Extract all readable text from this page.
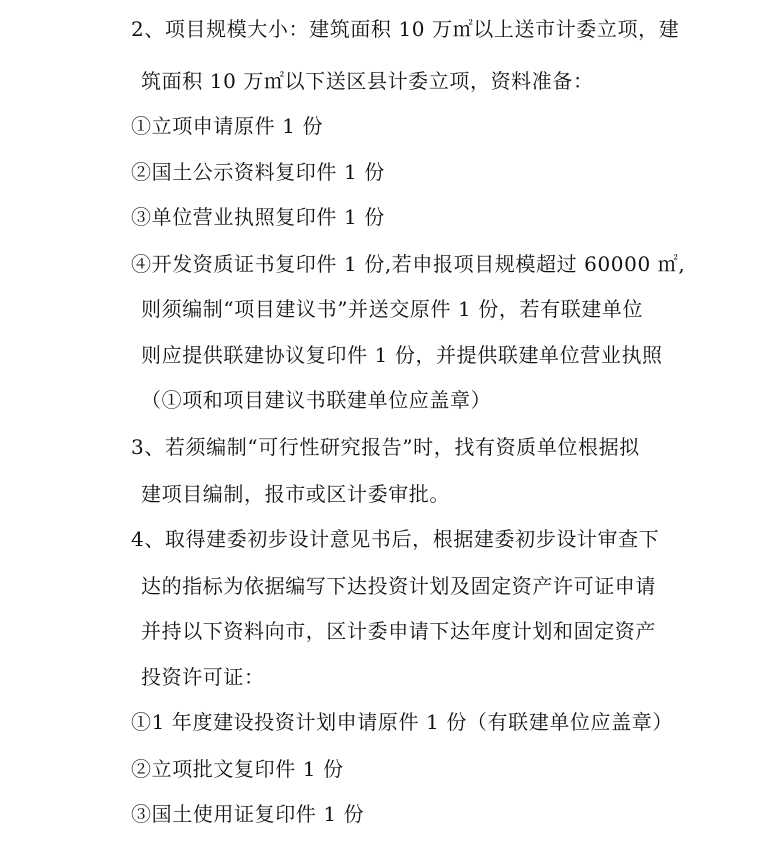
2、项目规模大小：建筑面积 10 万㎡以上送市计委立项，建
筑面积 10 万㎡以下送区县计委立项，资料准备：
①立项申请原件 1 份
②国土公示资料复印件 1 份
③单位营业执照复印件 1 份
④开发资质证书复印件 1 份,若申报项目规模超过 60000 ㎡,
则须编制“项目建议书”并送交原件 1 份，若有联建单位
则应提供联建协议复印件 1 份，并提供联建单位营业执照
（①项和项目建议书联建单位应盖章）
3、若须编制“可行性研究报告”时，找有资质单位根据拟
建项目编制，报市或区计委审批。
4、取得建委初步设计意见书后，根据建委初步设计审查下
达的指标为依据编写下达投资计划及固定资产许可证申请
并持以下资料向市，区计委申请下达年度计划和固定资产
投资许可证：
①1 年度建设投资计划申请原件 1 份（有联建单位应盖章）
②立项批文复印件 1 份
③国土使用证复印件 1 份
